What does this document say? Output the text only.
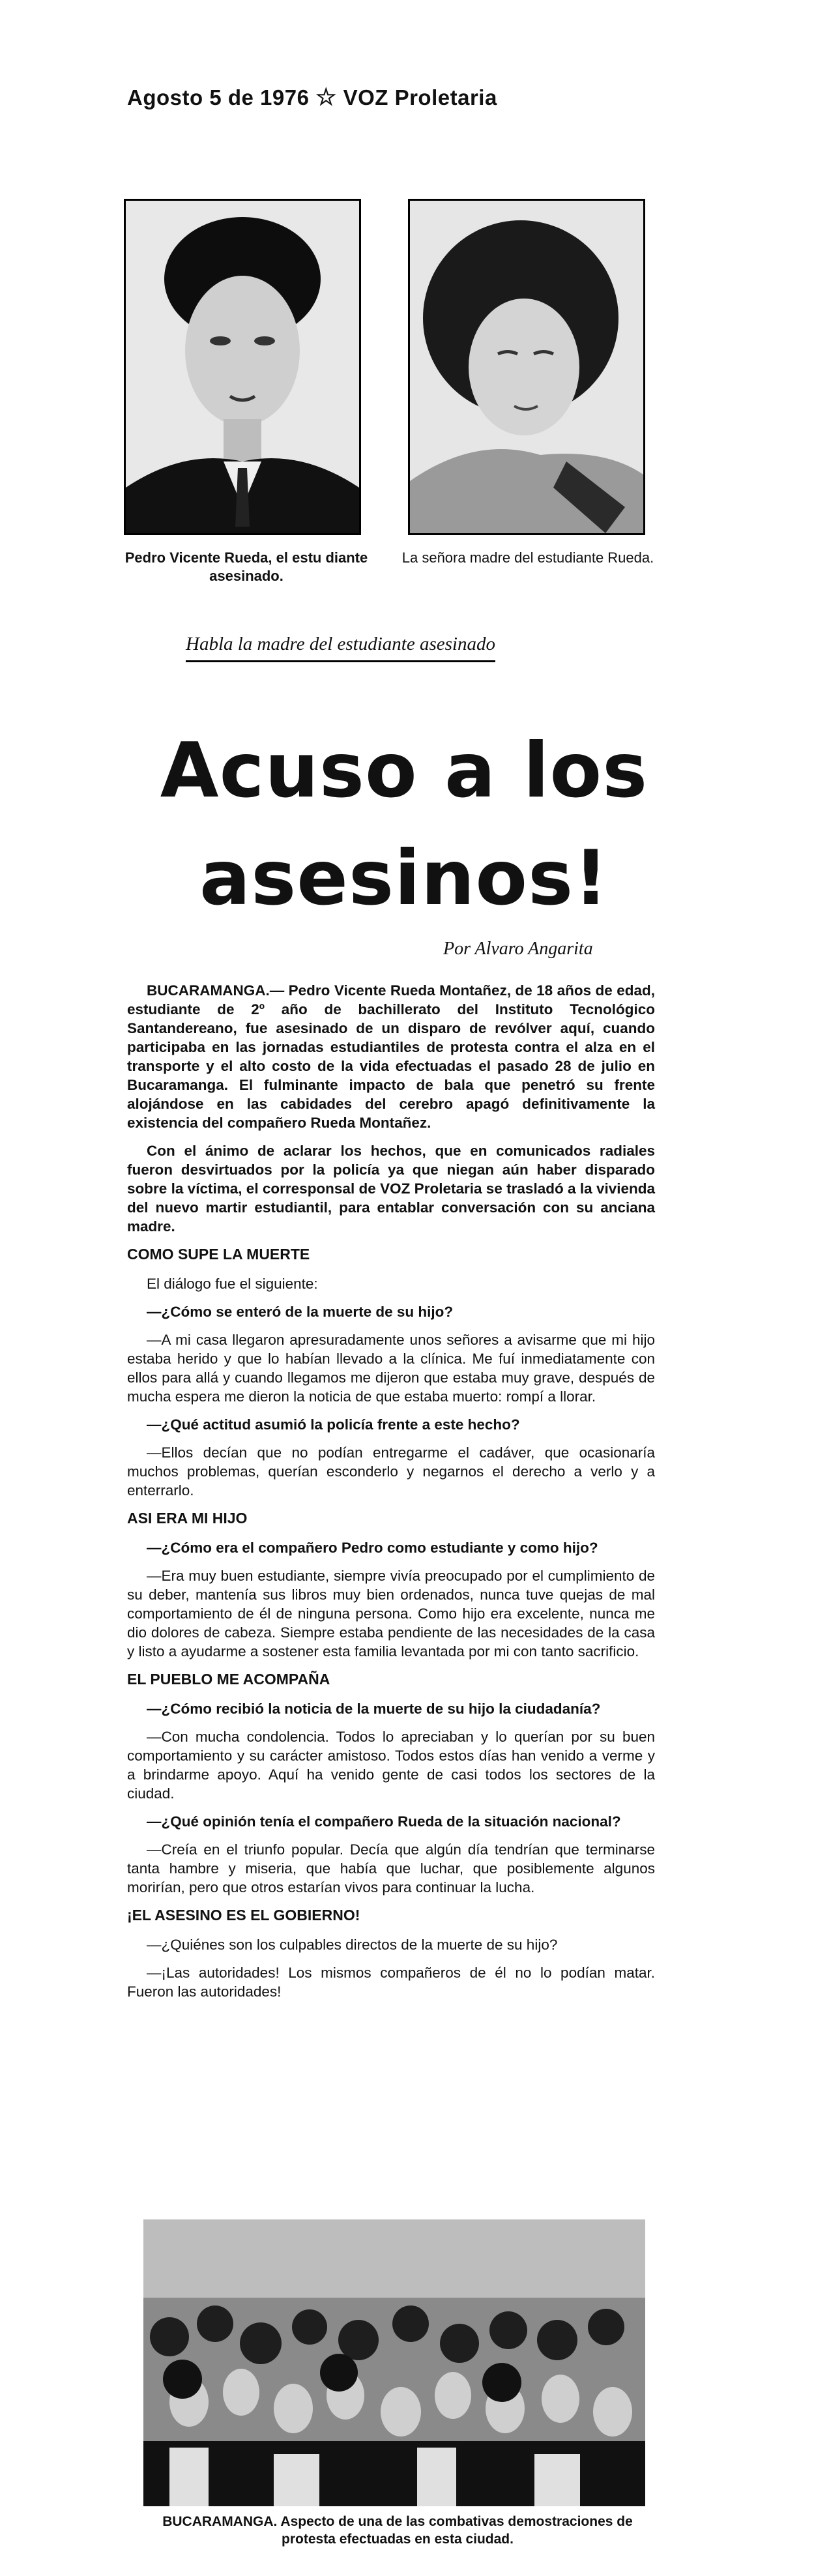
Agosto 5 de 1976 ☆ VOZ Proletaria
Pedro Vicente Rueda, el estu diante asesinado.
La señora madre del estudiante Rueda.
Habla la madre del estudiante asesinado
Acuso a los
asesinos!
Por Alvaro Angarita

BUCARAMANGA.— Pedro Vicente Rueda Montañez, de 18 años de edad, estudiante de 2º año de bachillerato del Instituto Tecnológico Santandereano, fue asesinado de un disparo de revólver aquí, cuando participaba en las jornadas estudiantiles de protesta contra el alza en el transporte y el alto costo de la vida efectuadas el pasado 28 de julio en Bucaramanga. El fulminante impacto de bala que penetró su frente alojándose en las cabidades del cerebro apagó definitivamente la existencia del compañero Rueda Montañez.

Con el ánimo de aclarar los hechos, que en comunicados radiales fueron desvirtuados por la policía ya que niegan aún haber disparado sobre la víctima, el corresponsal de VOZ Proletaria se trasladó a la vivienda del nuevo martir estudiantil, para entablar conversación con su anciana madre.

COMO SUPE LA MUERTE

El diálogo fue el siguiente:

—¿Cómo se enteró de la muerte de su hijo?

—A mi casa llegaron apresuradamente unos señores a avisarme que mi hijo estaba herido y que lo habían llevado a la clínica. Me fuí inmediatamente con ellos para allá y cuando llegamos me dijeron que estaba muy grave, después de mucha espera me dieron la noticia de que estaba muerto: rompí a llorar.

—¿Qué actitud asumió la policía frente a este hecho?

—Ellos decían que no podían entregarme el cadáver, que ocasionaría muchos problemas, querían esconderlo y negarnos el derecho a verlo y a enterrarlo.

ASI ERA MI HIJO

—¿Cómo era el compañero Pedro como estudiante y como hijo?

—Era muy buen estudiante, siempre vivía preocupado por el cumplimiento de su deber, mantenía sus libros muy bien ordenados, nunca tuve quejas de mal comportamiento de él de ninguna persona. Como hijo era excelente, nunca me dio dolores de cabeza. Siempre estaba pendiente de las necesidades de la casa y listo a ayudarme a sostener esta familia levantada por mi con tanto sacrificio.

EL PUEBLO ME ACOMPAÑA

—¿Cómo recibió la noticia de la muerte de su hijo la ciudadanía?

—Con mucha condolencia. Todos lo apreciaban y lo querían por su buen comportamiento y su carácter amistoso. Todos estos días han venido a verme y a brindarme apoyo. Aquí ha venido gente de casi todos los sectores de la ciudad.

—¿Qué opinión tenía el compañero Rueda de la situación nacional?

—Creía en el triunfo popular. Decía que algún día tendrían que terminarse tanta hambre y miseria, que había que luchar, que posiblemente algunos morirían, pero que otros estarían vivos para continuar la lucha.

¡EL ASESINO ES EL GOBIERNO!

—¿Quiénes son los culpables directos de la muerte de su hijo?

—¡Las autoridades! Los mismos compañeros de él no lo podían matar. Fueron las autoridades!

BUCARAMANGA. Aspecto de una de las combativas demostraciones de protesta efectuadas en esta ciudad.
